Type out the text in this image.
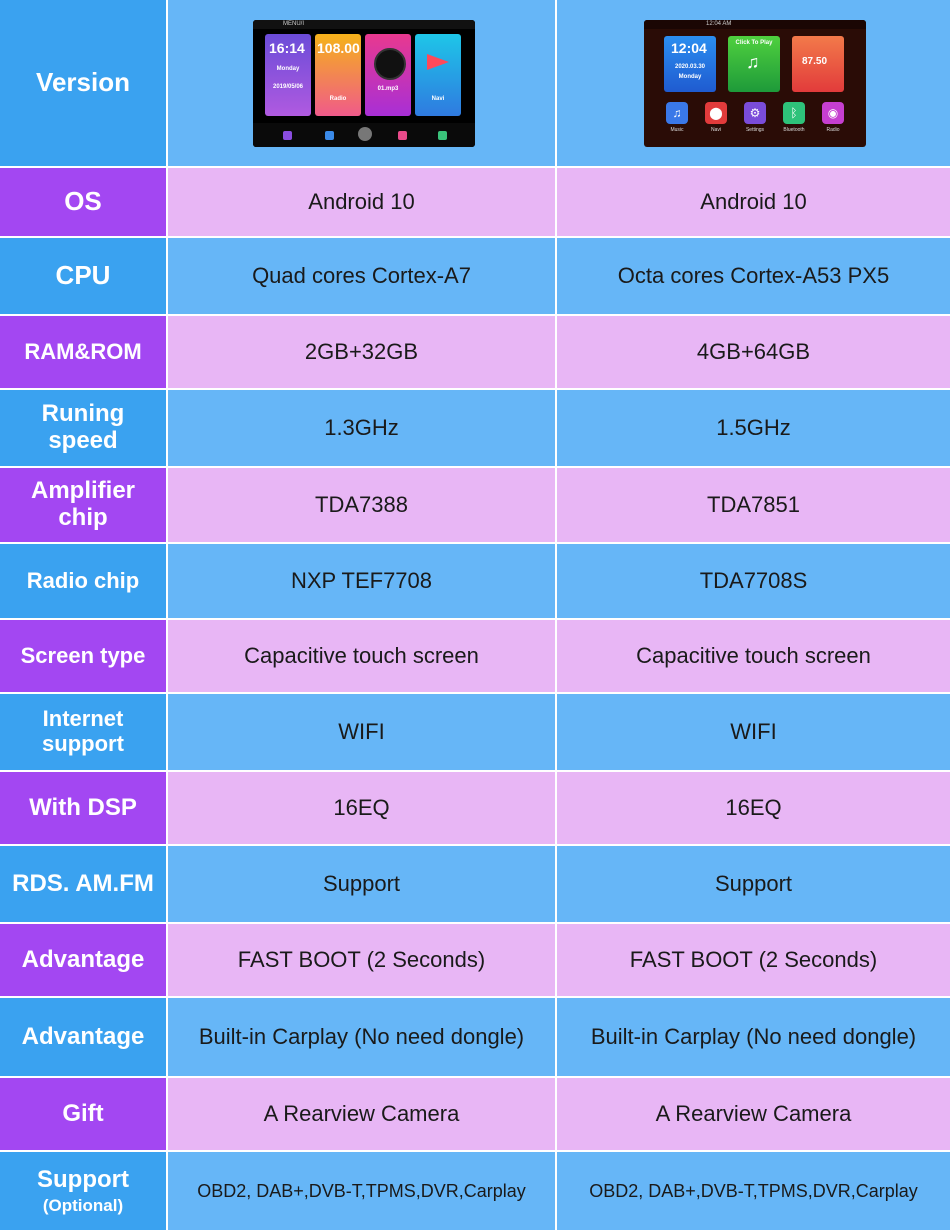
Version
MENU/I
16:14
Monday
2019/05/06
108.00
Radio
01.mp3
Navi
12:04 AM
12:04
2020.03.30
Monday
Click To Play
♫	87.50
♫	⬤	⚙	ᛒ	◉
Music	Navi	Settings	Bluetooth	Radio
OS	Android 10	Android 10
CPU	Quad cores Cortex-A7	Octa cores Cortex-A53 PX5
RAM&ROM	2GB+32GB	4GB+64GB
Runing speed	1.3GHz	1.5GHz
Amplifier chip	TDA7388	TDA7851
Radio chip	NXP TEF7708	TDA7708S
Screen type	Capacitive touch screen	Capacitive touch screen
Internet support	WIFI	WIFI
With DSP	16EQ	16EQ
RDS. AM.FM	Support	Support
Advantage	FAST BOOT (2 Seconds)	FAST BOOT (2 Seconds)
Advantage	Built-in Carplay (No need dongle)	Built-in Carplay (No need dongle)
Gift	A Rearview Camera	A Rearview Camera
Support
(Optional)
OBD2, DAB+,DVB-T,TPMS,DVR,Carplay	OBD2, DAB+,DVB-T,TPMS,DVR,Carplay
